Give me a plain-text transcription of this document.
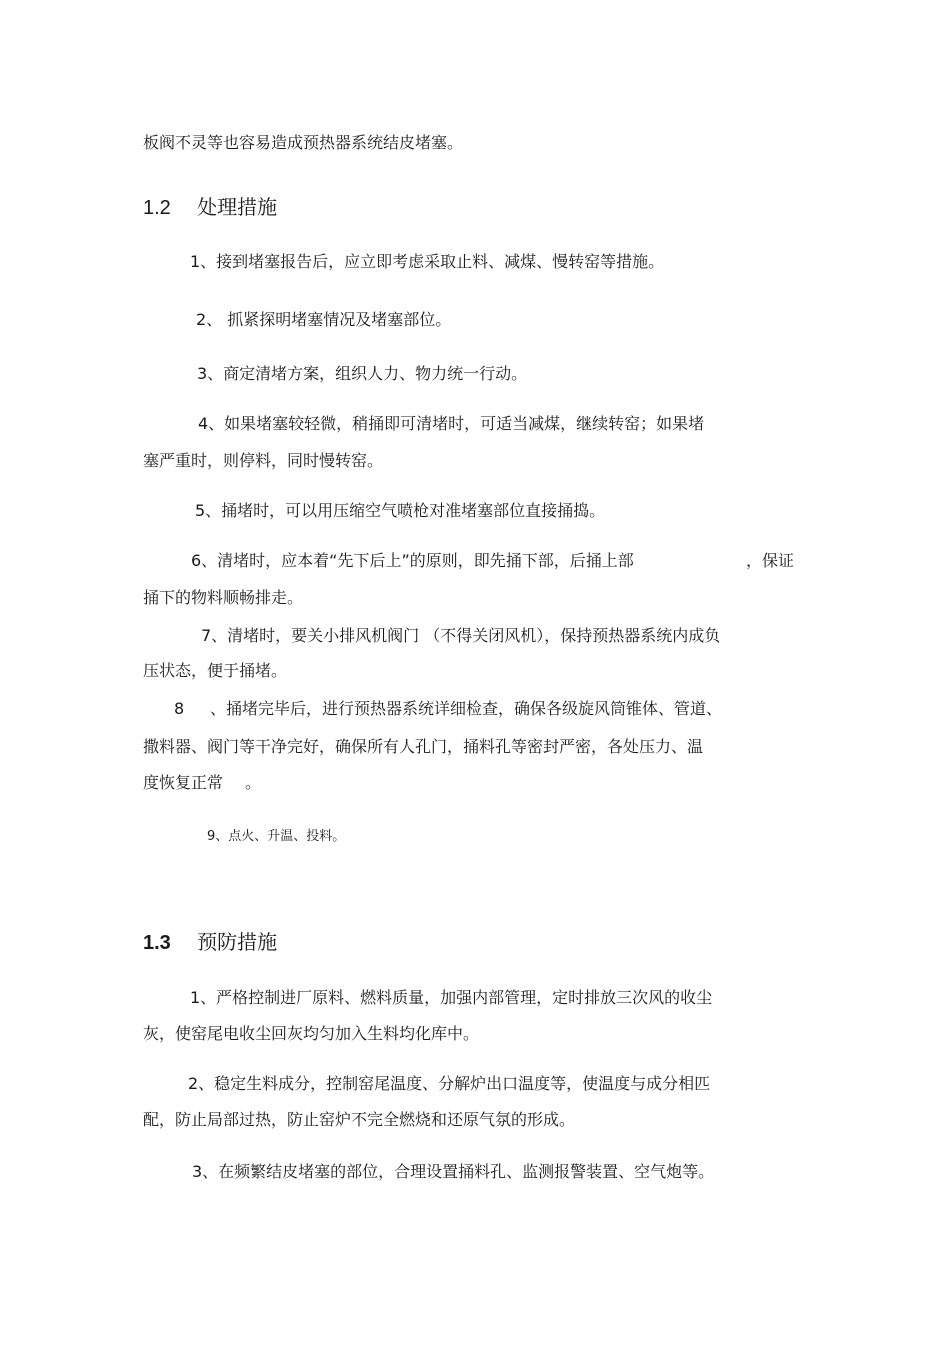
板阀不灵等也容易造成预热器系统结皮堵塞。
1.2 处理措施
1、接到堵塞报告后，应立即考虑采取止料、减煤、慢转窑等措施。
2、 抓紧探明堵塞情况及堵塞部位。
3、商定清堵方案，组织人力、物力统一行动。
4、如果堵塞较轻微，稍捅即可清堵时，可适当减煤，继续转窑；如果堵
塞严重时，则停料，同时慢转窑。
5、捅堵时，可以用压缩空气喷枪对准堵塞部位直接捅捣。
6、清堵时，应本着“先下后上”的原则，即先捅下部，后捅上部	，保证
捅下的物料顺畅排走。
7、清堵时，要关小排风机阀门 （不得关闭风机），保持预热器系统内成负
压状态，便于捅堵。
8 、捅堵完毕后，进行预热器系统详细检查，确保各级旋风筒锥体、管道、
撒料器、阀门等干净完好，确保所有人孔门，捅料孔等密封严密，各处压力、温
度恢复正常 。
9、点火、升温、投料。
1.3 预防措施
1、严格控制进厂原料、燃料质量，加强内部管理，定时排放三次风的收尘
灰，使窑尾电收尘回灰均匀加入生料均化库中。
2、稳定生料成分，控制窑尾温度、分解炉出口温度等，使温度与成分相匹
配，防止局部过热，防止窑炉不完全燃烧和还原气氛的形成。
3、在频繁结皮堵塞的部位，合理设置捅料孔、监测报警装置、空气炮等。
